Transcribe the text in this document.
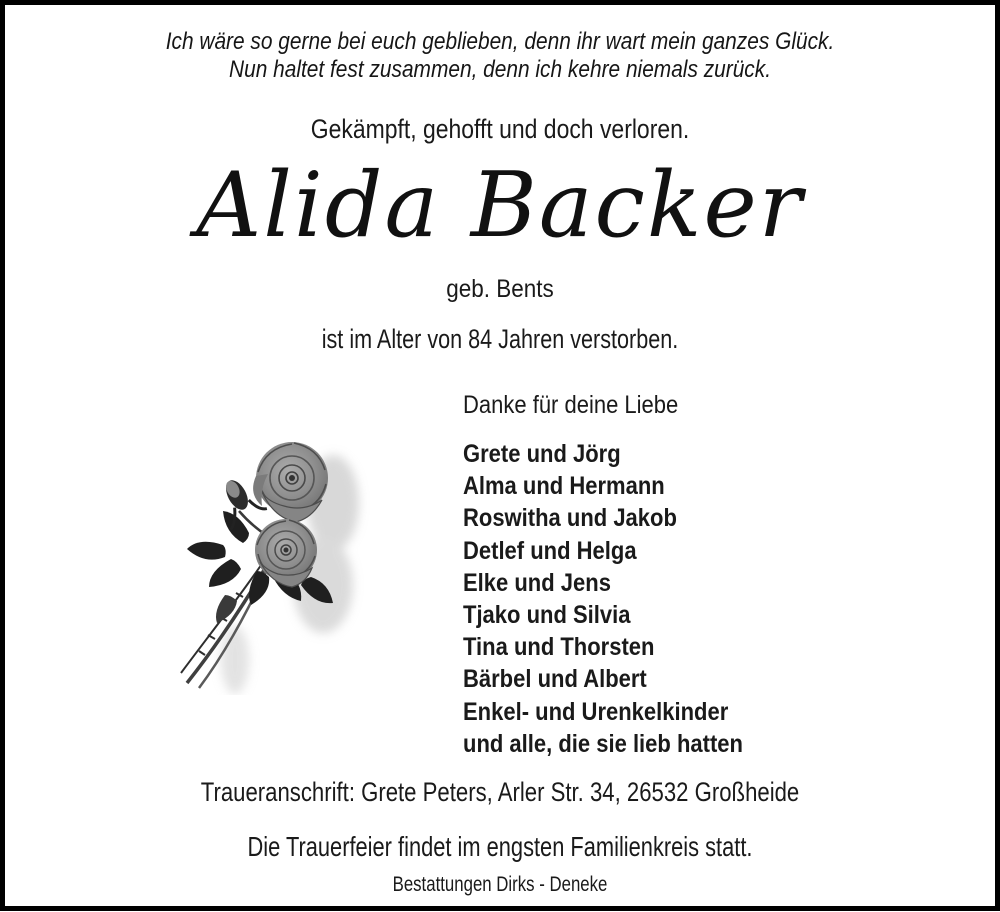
Ich wäre so gerne bei euch geblieben, denn ihr wart mein ganzes Glück.
Nun haltet fest zusammen, denn ich kehre niemals zurück.
Gekämpft, gehofft und doch verloren.
Alida Backer
geb. Bents
ist im Alter von 84 Jahren verstorben.
Danke für deine Liebe
Grete und Jörg
Alma und Hermann
Roswitha und Jakob
Detlef und Helga
Elke und Jens
Tjako und Silvia
Tina und Thorsten
Bärbel und Albert
Enkel- und Urenkelkinder
und alle, die sie lieb hatten
Traueranschrift: Grete Peters, Arler Str. 34, 26532 Großheide
Die Trauerfeier findet im engsten Familienkreis statt.
Bestattungen Dirks - Deneke
